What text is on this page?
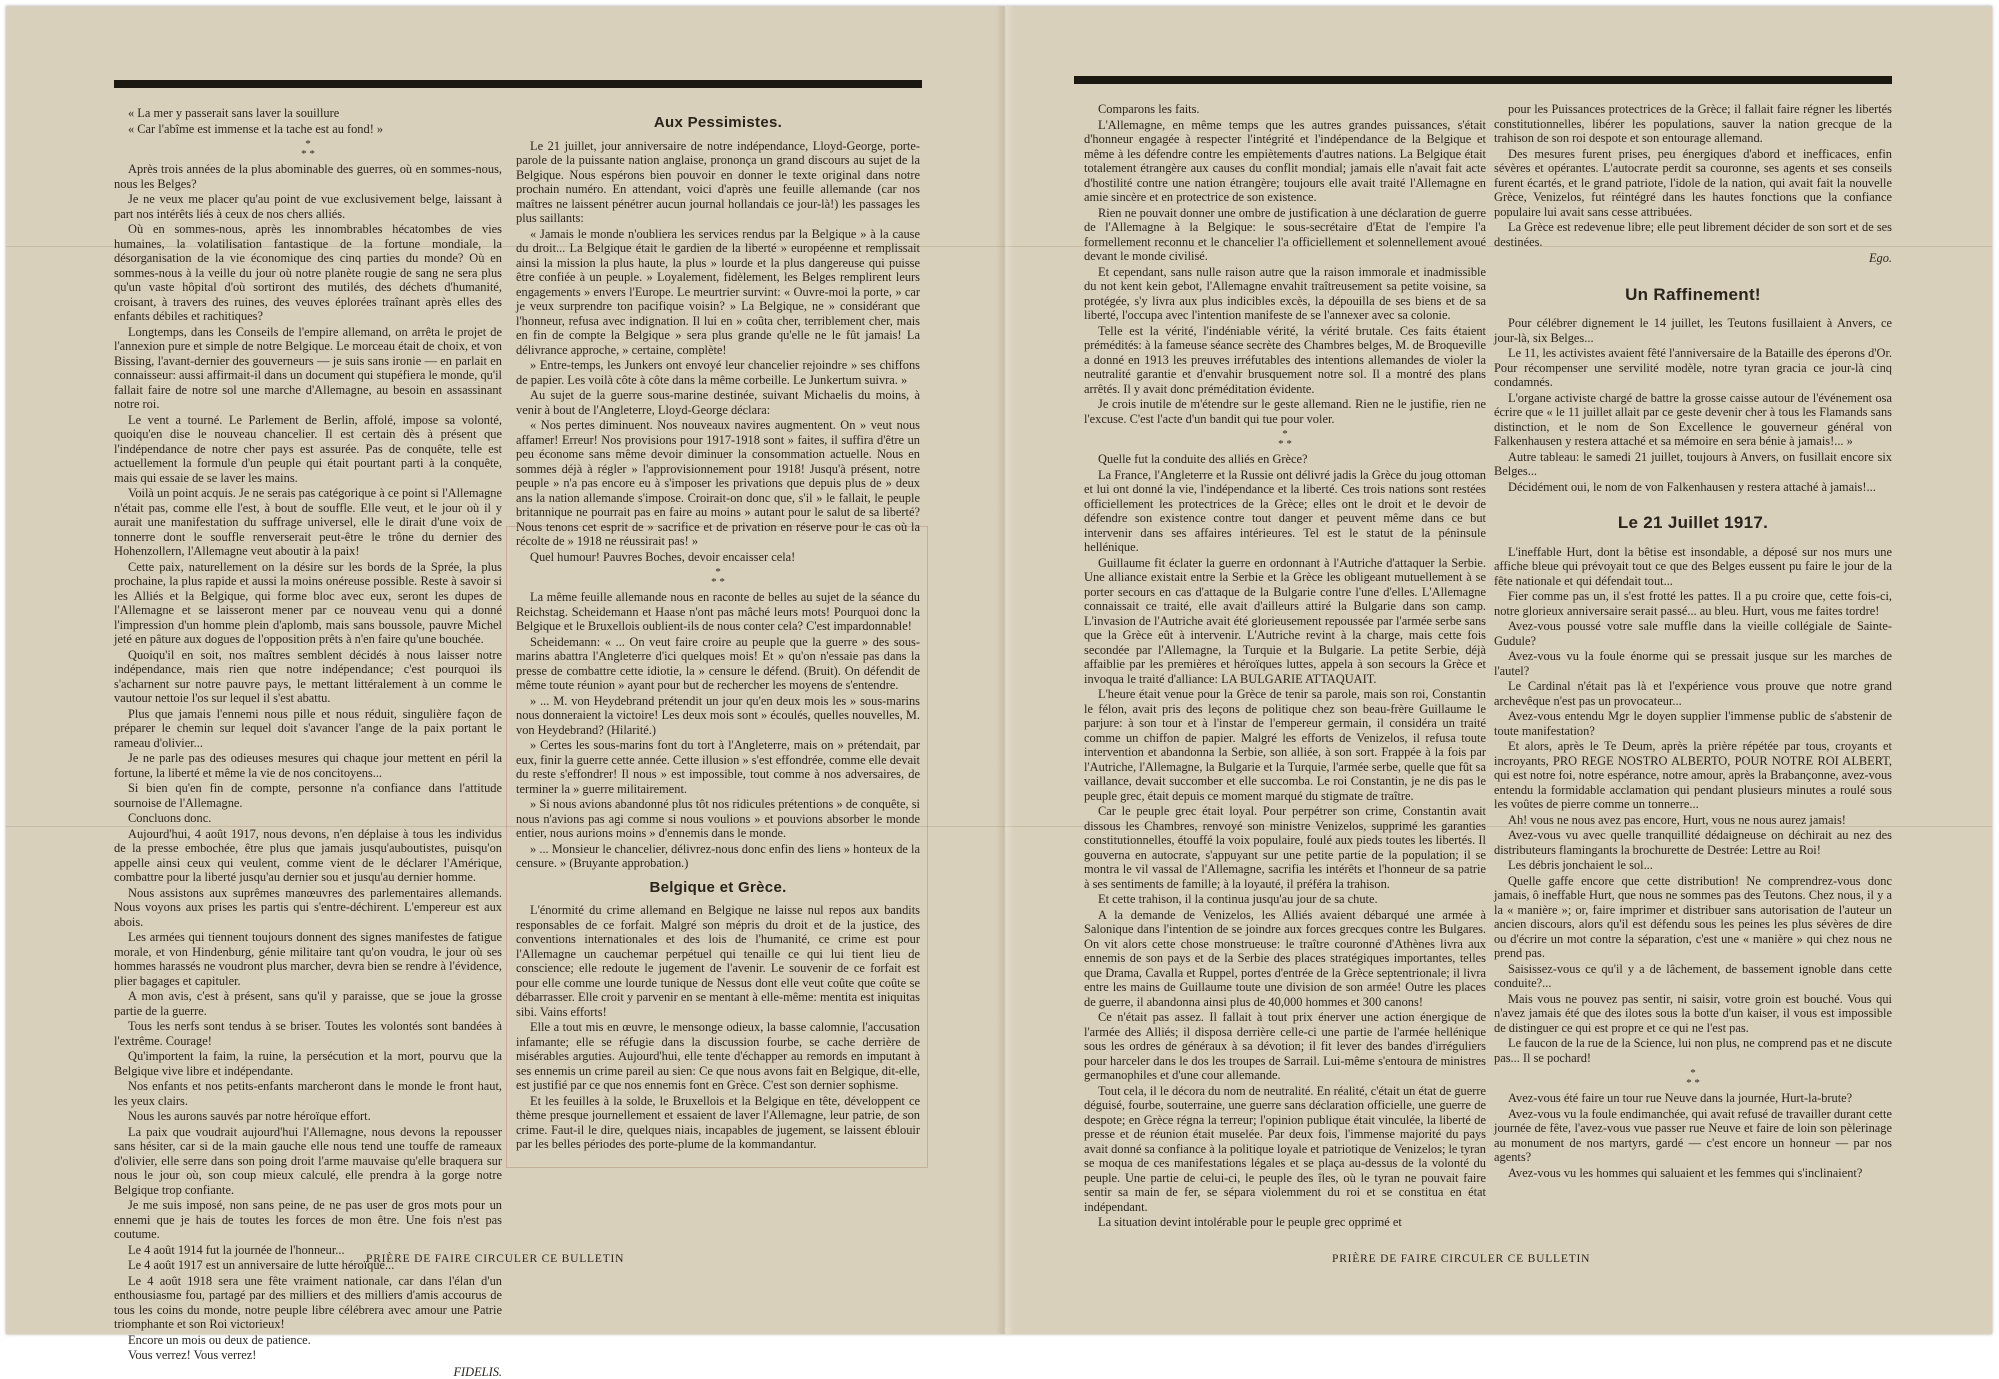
« La mer y passerait sans laver la souillure

« Car l'abîme est immense et la tache est au fond! »

*
* *

Après trois années de la plus abominable des guerres, où en sommes-nous, nous les Belges?

Je ne veux me placer qu'au point de vue exclusivement belge, laissant à part nos intérêts liés à ceux de nos chers alliés.

Où en sommes-nous, après les innombrables hécatombes de vies humaines, la volatilisation fantastique de la fortune mondiale, la désorganisation de la vie économique des cinq parties du monde? Où en sommes-nous à la veille du jour où notre planète rougie de sang ne sera plus qu'un vaste hôpital d'où sortiront des mutilés, des déchets d'humanité, croisant, à travers des ruines, des veuves éplorées traînant après elles des enfants débiles et rachitiques?

Longtemps, dans les Conseils de l'empire allemand, on arrêta le projet de l'annexion pure et simple de notre Belgique. Le morceau était de choix, et von Bissing, l'avant-dernier des gouverneurs — je suis sans ironie — en parlait en connaisseur: aussi affirmait-il dans un document qui stupéfiera le monde, qu'il fallait faire de notre sol une marche d'Allemagne, au besoin en assassinant notre roi.

Le vent a tourné. Le Parlement de Berlin, affolé, impose sa volonté, quoiqu'en dise le nouveau chancelier. Il est certain dès à présent que l'indépendance de notre cher pays est assurée. Pas de conquête, telle est actuellement la formule d'un peuple qui était pourtant parti à la conquête, mais qui essaie de se laver les mains.

Voilà un point acquis. Je ne serais pas catégorique à ce point si l'Allemagne n'était pas, comme elle l'est, à bout de souffle. Elle veut, et le jour où il y aurait une manifestation du suffrage universel, elle le dirait d'une voix de tonnerre dont le souffle renverserait peut-être le trône du dernier des Hohenzollern, l'Allemagne veut aboutir à la paix!

Cette paix, naturellement on la désire sur les bords de la Sprée, la plus prochaine, la plus rapide et aussi la moins onéreuse possible. Reste à savoir si les Alliés et la Belgique, qui forme bloc avec eux, seront les dupes de l'Allemagne et se laisseront mener par ce nouveau venu qui a donné l'impression d'un homme plein d'aplomb, mais sans boussole, pauvre Michel jeté en pâture aux dogues de l'opposition prêts à n'en faire qu'une bouchée.

Quoiqu'il en soit, nos maîtres semblent décidés à nous laisser notre indépendance, mais rien que notre indépendance; c'est pourquoi ils s'acharnent sur notre pauvre pays, le mettant littéralement à un comme le vautour nettoie l'os sur lequel il s'est abattu.

Plus que jamais l'ennemi nous pille et nous réduit, singulière façon de préparer le chemin sur lequel doit s'avancer l'ange de la paix portant le rameau d'olivier...

Je ne parle pas des odieuses mesures qui chaque jour mettent en péril la fortune, la liberté et même la vie de nos concitoyens...

Si bien qu'en fin de compte, personne n'a confiance dans l'attitude sournoise de l'Allemagne.

Concluons donc.

Aujourd'hui, 4 août 1917, nous devons, n'en déplaise à tous les individus de la presse embochée, être plus que jamais jusqu'auboutistes, puisqu'on appelle ainsi ceux qui veulent, comme vient de le déclarer l'Amérique, combattre pour la liberté jusqu'au dernier sou et jusqu'au dernier homme.

Nous assistons aux suprêmes manœuvres des parlementaires allemands. Nous voyons aux prises les partis qui s'entre-déchirent. L'empereur est aux abois.

Les armées qui tiennent toujours donnent des signes manifestes de fatigue morale, et von Hindenburg, génie militaire tant qu'on voudra, le jour où ses hommes harassés ne voudront plus marcher, devra bien se rendre à l'évidence, plier bagages et capituler.

A mon avis, c'est à présent, sans qu'il y paraisse, que se joue la grosse partie de la guerre.

Tous les nerfs sont tendus à se briser. Toutes les volontés sont bandées à l'extrême. Courage!

Qu'importent la faim, la ruine, la persécution et la mort, pourvu que la Belgique vive libre et indépendante.

Nos enfants et nos petits-enfants marcheront dans le monde le front haut, les yeux clairs.

Nous les aurons sauvés par notre héroïque effort.

La paix que voudrait aujourd'hui l'Allemagne, nous devons la repousser sans hésiter, car si de la main gauche elle nous tend une touffe de rameaux d'olivier, elle serre dans son poing droit l'arme mauvaise qu'elle braquera sur nous le jour où, son coup mieux calculé, elle prendra à la gorge notre Belgique trop confiante.

Je me suis imposé, non sans peine, de ne pas user de gros mots pour un ennemi que je hais de toutes les forces de mon être. Une fois n'est pas coutume.

Le 4 août 1914 fut la journée de l'honneur...

Le 4 août 1917 est un anniversaire de lutte héroïque...

Le 4 août 1918 sera une fête vraiment nationale, car dans l'élan d'un enthousiasme fou, partagé par des milliers et des milliers d'amis accourus de tous les coins du monde, notre peuple libre célébrera avec amour une Patrie triomphante et son Roi victorieux!

Encore un mois ou deux de patience.

Vous verrez! Vous verrez!

FIDELIS.
Aux Pessimistes.

Le 21 juillet, jour anniversaire de notre indépendance, Lloyd-George, porte-parole de la puissante nation anglaise, prononça un grand discours au sujet de la Belgique. Nous espérons bien pouvoir en donner le texte original dans notre prochain numéro. En attendant, voici d'après une feuille allemande (car nos maîtres ne laissent pénétrer aucun journal hollandais ce jour-là!) les passages les plus saillants:

« Jamais le monde n'oubliera les services rendus par la Belgique » à la cause du droit... La Belgique était le gardien de la liberté » européenne et remplissait ainsi la mission la plus haute, la plus » lourde et la plus dangereuse qui puisse être confiée à un peuple. » Loyalement, fidèlement, les Belges remplirent leurs engagements » envers l'Europe. Le meurtrier survint: « Ouvre-moi la porte, » car je veux surprendre ton pacifique voisin? » La Belgique, ne » considérant que l'honneur, refusa avec indignation. Il lui en » coûta cher, terriblement cher, mais en fin de compte la Belgique » sera plus grande qu'elle ne le fût jamais! La délivrance approche, » certaine, complète!

» Entre-temps, les Junkers ont envoyé leur chancelier rejoindre » ses chiffons de papier. Les voilà côte à côte dans la même corbeille. Le Junkertum suivra. »

Au sujet de la guerre sous-marine destinée, suivant Michaelis du moins, à venir à bout de l'Angleterre, Lloyd-George déclara:

« Nos pertes diminuent. Nos nouveaux navires augmentent. On » veut nous affamer! Erreur! Nos provisions pour 1917-1918 sont » faites, il suffira d'être un peu économe sans même devoir diminuer la consommation actuelle. Nous en sommes déjà à régler » l'approvisionnement pour 1918! Jusqu'à présent, notre peuple » n'a pas encore eu à s'imposer les privations que depuis plus de » deux ans la nation allemande s'impose. Croirait-on donc que, s'il » le fallait, le peuple britannique ne pourrait pas en faire au moins » autant pour le salut de sa liberté? Nous tenons cet esprit de » sacrifice et de privation en réserve pour le cas où la récolte de » 1918 ne réussirait pas! »

Quel humour! Pauvres Boches, devoir encaisser cela!

*
* *

La même feuille allemande nous en raconte de belles au sujet de la séance du Reichstag. Scheidemann et Haase n'ont pas mâché leurs mots! Pourquoi donc la Belgique et le Bruxellois oublient-ils de nous conter cela? C'est impardonnable!

Scheidemann: « ... On veut faire croire au peuple que la guerre » des sous-marins abattra l'Angleterre d'ici quelques mois! Et » qu'on n'essaie pas dans la presse de combattre cette idiotie, la » censure le défend. (Bruit). On défendit de même toute réunion » ayant pour but de rechercher les moyens de s'entendre.

» ... M. von Heydebrand prétendit un jour qu'en deux mois les » sous-marins nous donneraient la victoire! Les deux mois sont » écoulés, quelles nouvelles, M. von Heydebrand? (Hilarité.)

» Certes les sous-marins font du tort à l'Angleterre, mais on » prétendait, par eux, finir la guerre cette année. Cette illusion » s'est effondrée, comme elle devait du reste s'effondrer! Il nous » est impossible, tout comme à nos adversaires, de terminer la » guerre militairement.

» Si nous avions abandonné plus tôt nos ridicules prétentions » de conquête, si nous n'avions pas agi comme si nous voulions » et pouvions absorber le monde entier, nous aurions moins » d'ennemis dans le monde.

» ... Monsieur le chancelier, délivrez-nous donc enfin des liens » honteux de la censure. » (Bruyante approbation.)

Belgique et Grèce.

L'énormité du crime allemand en Belgique ne laisse nul repos aux bandits responsables de ce forfait. Malgré son mépris du droit et de la justice, des conventions internationales et des lois de l'humanité, ce crime est pour l'Allemagne un cauchemar perpétuel qui tenaille ce qui lui tient lieu de conscience; elle redoute le jugement de l'avenir. Le souvenir de ce forfait est pour elle comme une lourde tunique de Nessus dont elle veut coûte que coûte se débarrasser. Elle croit y parvenir en se mentant à elle-même: mentita est iniquitas sibi. Vains efforts!

Elle a tout mis en œuvre, le mensonge odieux, la basse calomnie, l'accusation infamante; elle se réfugie dans la discussion fourbe, se cache derrière de misérables arguties. Aujourd'hui, elle tente d'échapper au remords en imputant à ses ennemis un crime pareil au sien: Ce que nous avons fait en Belgique, dit-elle, est justifié par ce que nos ennemis font en Grèce. C'est son dernier sophisme.

Et les feuilles à la solde, le Bruxellois et la Belgique en tête, développent ce thème presque journellement et essaient de laver l'Allemagne, leur patrie, de son crime. Faut-il le dire, quelques niais, incapables de jugement, se laissent éblouir par les belles périodes des porte-plume de la kommandantur.

PRIÈRE DE FAIRE CIRCULER CE BULLETIN

Comparons les faits.

L'Allemagne, en même temps que les autres grandes puissances, s'était d'honneur engagée à respecter l'intégrité et l'indépendance de la Belgique et même à les défendre contre les empiètements d'autres nations. La Belgique était totalement étrangère aux causes du conflit mondial; jamais elle n'avait fait acte d'hostilité contre une nation étrangère; toujours elle avait traité l'Allemagne en amie sincère et en protectrice de son existence.

Rien ne pouvait donner une ombre de justification à une déclaration de guerre de l'Allemagne à la Belgique: le sous-secrétaire d'Etat de l'empire l'a formellement reconnu et le chancelier l'a officiellement et solennellement avoué devant le monde civilisé.

Et cependant, sans nulle raison autre que la raison immorale et inadmissible du not kent kein gebot, l'Allemagne envahit traîtreusement sa petite voisine, sa protégée, s'y livra aux plus indicibles excès, la dépouilla de ses biens et de sa liberté, l'occupa avec l'intention manifeste de se l'annexer avec sa colonie.

Telle est la vérité, l'indéniable vérité, la vérité brutale. Ces faits étaient prémédités: à la fameuse séance secrète des Chambres belges, M. de Broqueville a donné en 1913 les preuves irréfutables des intentions allemandes de violer la neutralité garantie et d'envahir brusquement notre sol. Il a montré des plans arrêtés. Il y avait donc préméditation évidente.

Je crois inutile de m'étendre sur le geste allemand. Rien ne le justifie, rien ne l'excuse. C'est l'acte d'un bandit qui tue pour voler.

*
* *

Quelle fut la conduite des alliés en Grèce?

La France, l'Angleterre et la Russie ont délivré jadis la Grèce du joug ottoman et lui ont donné la vie, l'indépendance et la liberté. Ces trois nations sont restées officiellement les protectrices de la Grèce; elles ont le droit et le devoir de défendre son existence contre tout danger et peuvent même dans ce but intervenir dans ses affaires intérieures. Tel est le statut de la péninsule hellénique.

Guillaume fit éclater la guerre en ordonnant à l'Autriche d'attaquer la Serbie. Une alliance existait entre la Serbie et la Grèce les obligeant mutuellement à se porter secours en cas d'attaque de la Bulgarie contre l'une d'elles. L'Allemagne connaissait ce traité, elle avait d'ailleurs attiré la Bulgarie dans son camp. L'invasion de l'Autriche avait été glorieusement repoussée par l'armée serbe sans que la Grèce eût à intervenir. L'Autriche revint à la charge, mais cette fois secondée par l'Allemagne, la Turquie et la Bulgarie. La petite Serbie, déjà affaiblie par les premières et héroïques luttes, appela à son secours la Grèce et invoqua le traité d'alliance: LA BULGARIE ATTAQUAIT.

L'heure était venue pour la Grèce de tenir sa parole, mais son roi, Constantin le félon, avait pris des leçons de politique chez son beau-frère Guillaume le parjure: à son tour et à l'instar de l'empereur germain, il considéra un traité comme un chiffon de papier. Malgré les efforts de Venizelos, il refusa toute intervention et abandonna la Serbie, son alliée, à son sort. Frappée à la fois par l'Autriche, l'Allemagne, la Bulgarie et la Turquie, l'armée serbe, quelle que fût sa vaillance, devait succomber et elle succomba. Le roi Constantin, je ne dis pas le peuple grec, était depuis ce moment marqué du stigmate de traître.

Car le peuple grec était loyal. Pour perpétrer son crime, Constantin avait dissous les Chambres, renvoyé son ministre Venizelos, supprimé les garanties constitutionnelles, étouffé la voix populaire, foulé aux pieds toutes les libertés. Il gouverna en autocrate, s'appuyant sur une petite partie de la population; il se montra le vil vassal de l'Allemagne, sacrifia les intérêts et l'honneur de sa patrie à ses sentiments de famille; à la loyauté, il préféra la trahison.

Et cette trahison, il la continua jusqu'au jour de sa chute.

A la demande de Venizelos, les Alliés avaient débarqué une armée à Salonique dans l'intention de se joindre aux forces grecques contre les Bulgares. On vit alors cette chose monstrueuse: le traître couronné d'Athènes livra aux ennemis de son pays et de la Serbie des places stratégiques importantes, telles que Drama, Cavalla et Ruppel, portes d'entrée de la Grèce septentrionale; il livra entre les mains de Guillaume toute une division de son armée! Outre les places de guerre, il abandonna ainsi plus de 40,000 hommes et 300 canons!

Ce n'était pas assez. Il fallait à tout prix énerver une action énergique de l'armée des Alliés; il disposa derrière celle-ci une partie de l'armée hellénique sous les ordres de généraux à sa dévotion; il fit lever des bandes d'irréguliers pour harceler dans le dos les troupes de Sarrail. Lui-même s'entoura de ministres germanophiles et d'une cour allemande.

Tout cela, il le décora du nom de neutralité. En réalité, c'était un état de guerre déguisé, fourbe, souterraine, une guerre sans déclaration officielle, une guerre de despote; en Grèce régna la terreur; l'opinion publique était vinculée, la liberté de presse et de réunion était muselée. Par deux fois, l'immense majorité du pays avait donné sa confiance à la politique loyale et patriotique de Venizelos; le tyran se moqua de ces manifestations légales et se plaça au-dessus de la volonté du peuple. Une partie de celui-ci, le peuple des îles, où le tyran ne pouvait faire sentir sa main de fer, se sépara violemment du roi et se constitua en état indépendant.

La situation devint intolérable pour le peuple grec opprimé et

pour les Puissances protectrices de la Grèce; il fallait faire régner les libertés constitutionnelles, libérer les populations, sauver la nation grecque de la trahison de son roi despote et son entourage allemand.

Des mesures furent prises, peu énergiques d'abord et inefficaces, enfin sévères et opérantes. L'autocrate perdit sa couronne, ses agents et ses conseils furent écartés, et le grand patriote, l'idole de la nation, qui avait fait la nouvelle Grèce, Venizelos, fut réintégré dans les hautes fonctions que la confiance populaire lui avait sans cesse attribuées.

La Grèce est redevenue libre; elle peut librement décider de son sort et de ses destinées.

Ego.
Un Raffinement!

Pour célébrer dignement le 14 juillet, les Teutons fusillaient à Anvers, ce jour-là, six Belges...

Le 11, les activistes avaient fêté l'anniversaire de la Bataille des éperons d'Or. Pour récompenser une servilité modèle, notre tyran gracia ce jour-là cinq condamnés.

L'organe activiste chargé de battre la grosse caisse autour de l'événement osa écrire que « le 11 juillet allait par ce geste devenir cher à tous les Flamands sans distinction, et le nom de Son Excellence le gouverneur général von Falkenhausen y restera attaché et sa mémoire en sera bénie à jamais!... »

Autre tableau: le samedi 21 juillet, toujours à Anvers, on fusillait encore six Belges...

Décidément oui, le nom de von Falkenhausen y restera attaché à jamais!...

Le 21 Juillet 1917.

L'ineffable Hurt, dont la bêtise est insondable, a déposé sur nos murs une affiche bleue qui prévoyait tout ce que des Belges eussent pu faire le jour de la fête nationale et qui défendait tout...

Fier comme pas un, il s'est frotté les pattes. Il a pu croire que, cette fois-ci, notre glorieux anniversaire serait passé... au bleu. Hurt, vous me faites tordre!

Avez-vous poussé votre sale muffle dans la vieille collégiale de Sainte-Gudule?

Avez-vous vu la foule énorme qui se pressait jusque sur les marches de l'autel?

Le Cardinal n'était pas là et l'expérience vous prouve que notre grand archevêque n'est pas un provocateur...

Avez-vous entendu Mgr le doyen supplier l'immense public de s'abstenir de toute manifestation?

Et alors, après le Te Deum, après la prière répétée par tous, croyants et incroyants, PRO REGE NOSTRO ALBERTO, POUR NOTRE ROI ALBERT, qui est notre foi, notre espérance, notre amour, après la Brabançonne, avez-vous entendu la formidable acclamation qui pendant plusieurs minutes a roulé sous les voûtes de pierre comme un tonnerre...

Ah! vous ne nous avez pas encore, Hurt, vous ne nous aurez jamais!

Avez-vous vu avec quelle tranquillité dédaigneuse on déchirait au nez des distributeurs flamingants la brochurette de Destrée: Lettre au Roi!

Les débris jonchaient le sol...

Quelle gaffe encore que cette distribution! Ne comprendrez-vous donc jamais, ô ineffable Hurt, que nous ne sommes pas des Teutons. Chez nous, il y a la « manière »; or, faire imprimer et distribuer sans autorisation de l'auteur un ancien discours, alors qu'il est défendu sous les peines les plus sévères de dire ou d'écrire un mot contre la séparation, c'est une « manière » qui chez nous ne prend pas.

Saisissez-vous ce qu'il y a de lâchement, de bassement ignoble dans cette conduite?...

Mais vous ne pouvez pas sentir, ni saisir, votre groin est bouché. Vous qui n'avez jamais été que des ilotes sous la botte d'un kaiser, il vous est impossible de distinguer ce qui est propre et ce qui ne l'est pas.

Le faucon de la rue de la Science, lui non plus, ne comprend pas et ne discute pas... Il se pochard!

*
* *

Avez-vous été faire un tour rue Neuve dans la journée, Hurt-la-brute?

Avez-vous vu la foule endimanchée, qui avait refusé de travailler durant cette journée de fête, l'avez-vous vue passer rue Neuve et faire de loin son pèlerinage au monument de nos martyrs, gardé — c'est encore un honneur — par nos agents?

Avez-vous vu les hommes qui saluaient et les femmes qui s'inclinaient?

PRIÈRE DE FAIRE CIRCULER CE BULLETIN
